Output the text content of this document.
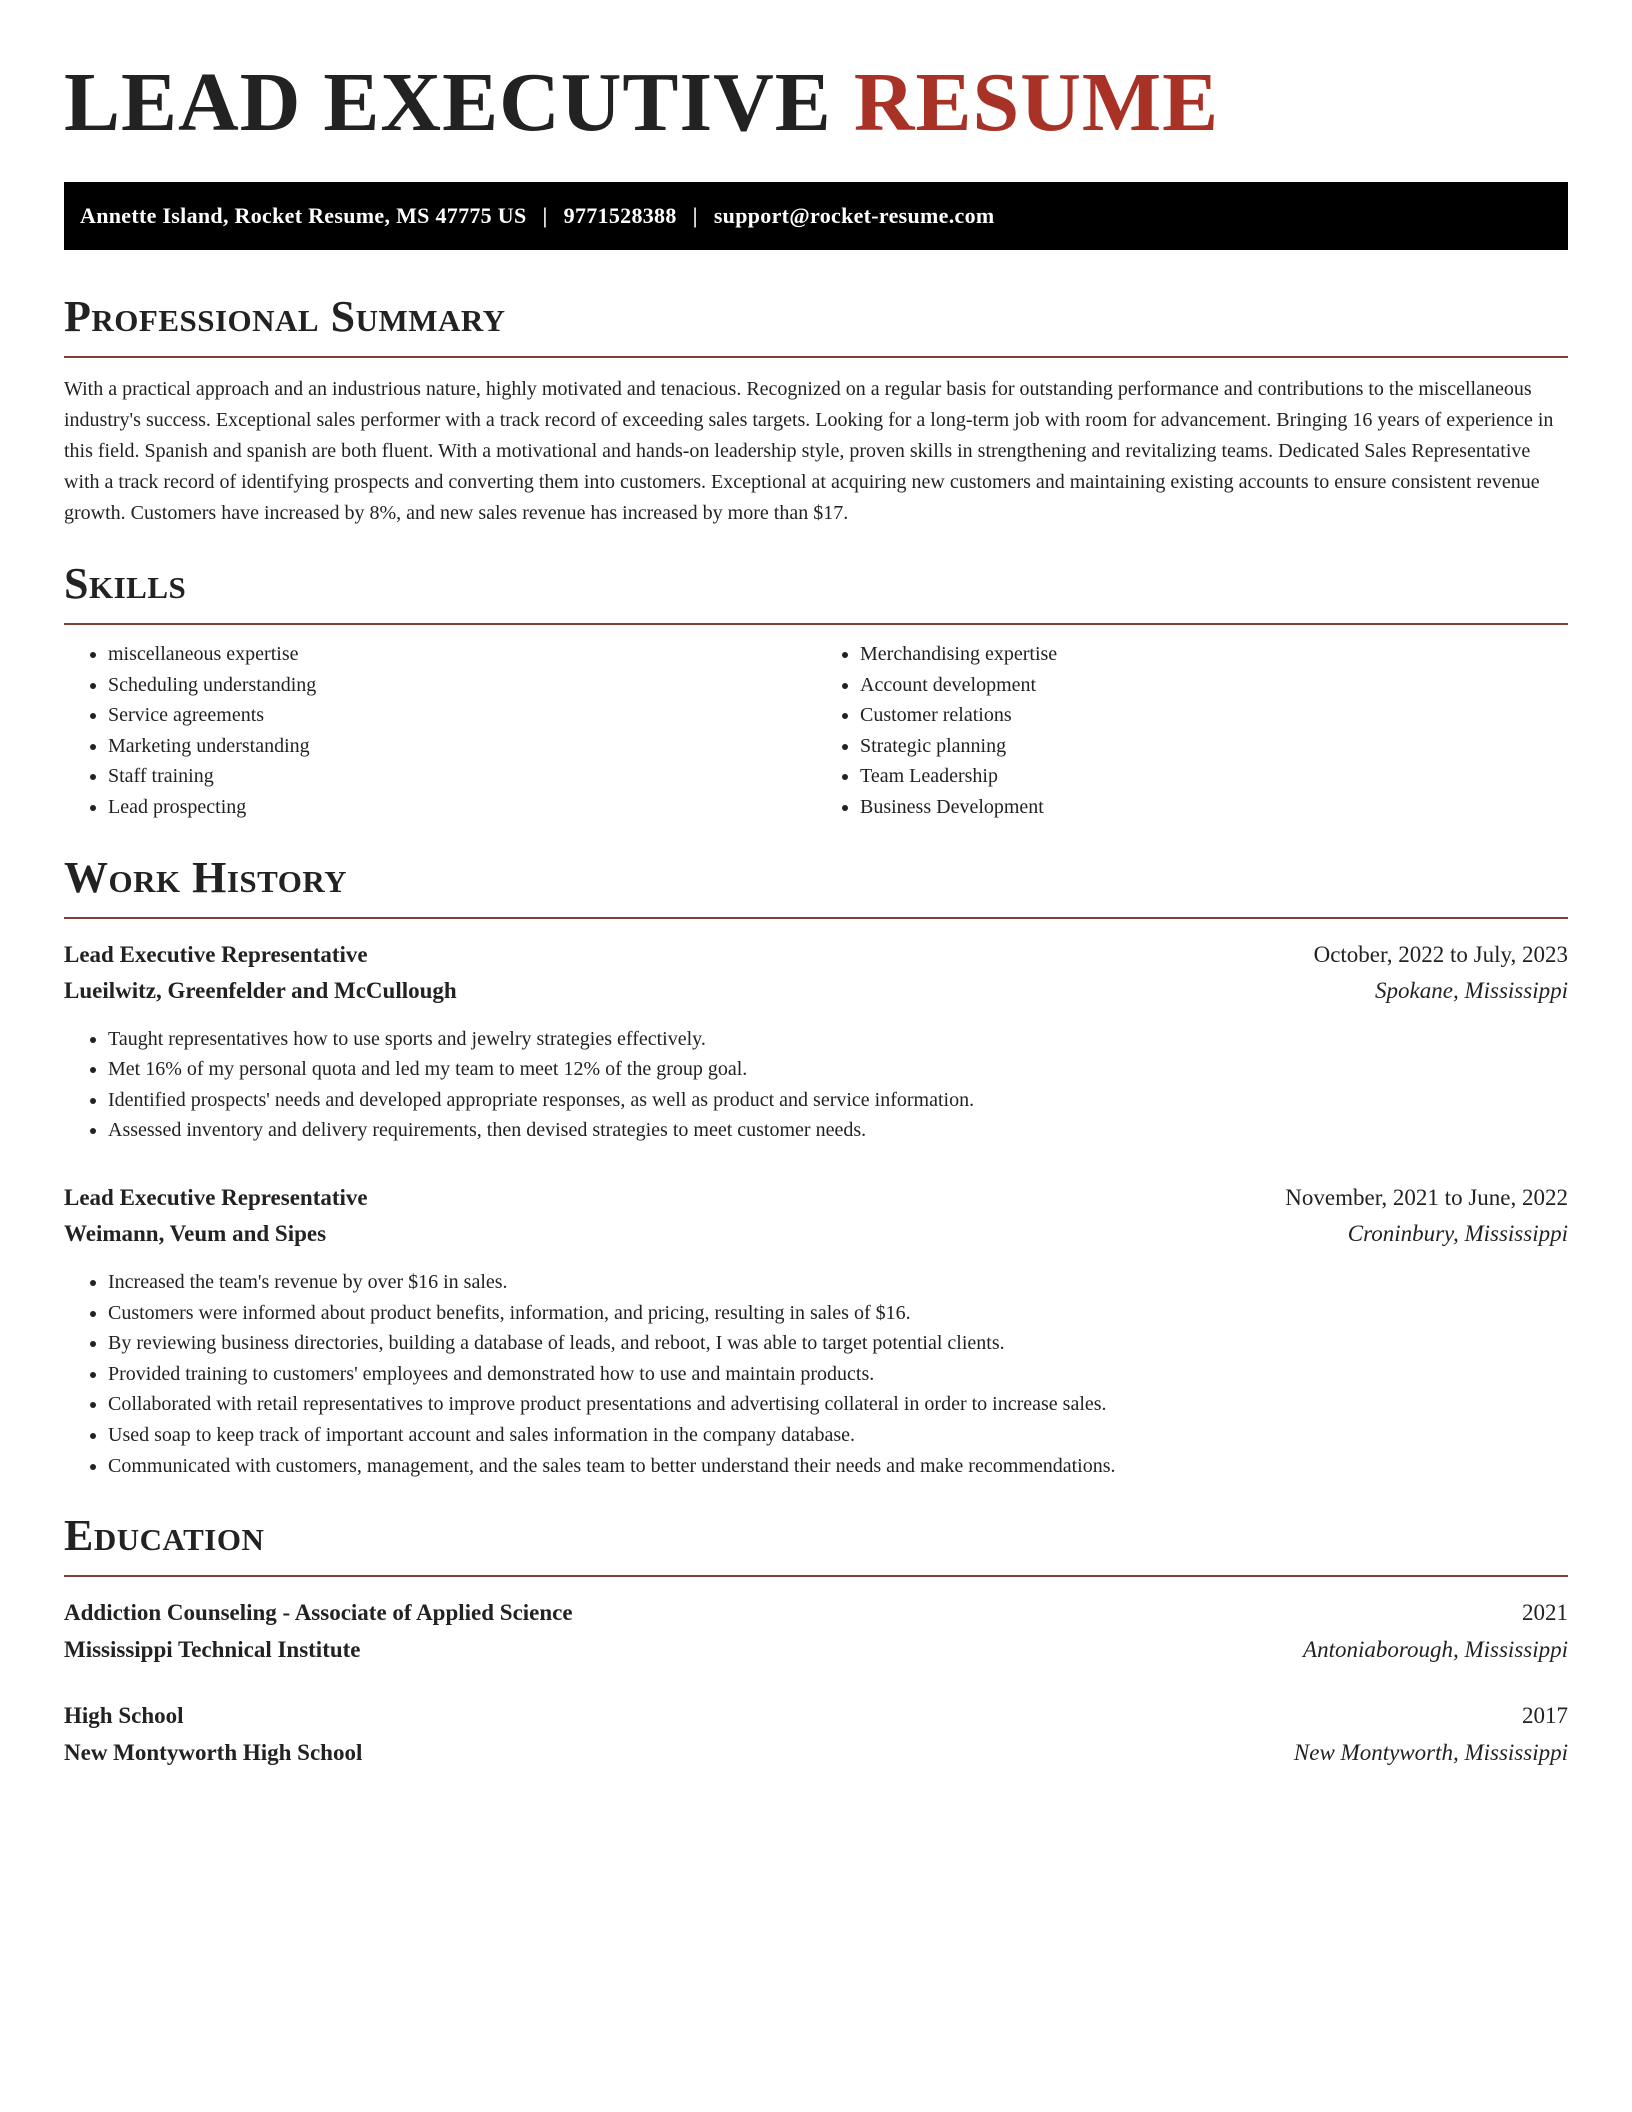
LEAD EXECUTIVE RESUME
Annette Island, Rocket Resume, MS 47775 US | 9771528388 | support@rocket-resume.com
Professional Summary

With a practical approach and an industrious nature, highly motivated and tenacious. Recognized on a regular basis for outstanding performance and contributions to the miscellaneous industry's success. Exceptional sales performer with a track record of exceeding sales targets. Looking for a long-term job with room for advancement. Bringing 16 years of experience in this field. Spanish and spanish are both fluent. With a motivational and hands-on leadership style, proven skills in strengthening and revitalizing teams. Dedicated Sales Representative with a track record of identifying prospects and converting them into customers. Exceptional at acquiring new customers and maintaining existing accounts to ensure consistent revenue growth. Customers have increased by 8%, and new sales revenue has increased by more than $17.

Skills
• miscellaneous expertise
• Scheduling understanding
• Service agreements
• Marketing understanding
• Staff training
• Lead prospecting
• Merchandising expertise
• Account development
• Customer relations
• Strategic planning
• Team Leadership
• Business Development
Work History
Lead Executive Representative	October, 2022 to July, 2023
Lueilwitz, Greenfelder and McCullough	Spokane, Mississippi
• Taught representatives how to use sports and jewelry strategies effectively.
• Met 16% of my personal quota and led my team to meet 12% of the group goal.
• Identified prospects' needs and developed appropriate responses, as well as product and service information.
• Assessed inventory and delivery requirements, then devised strategies to meet customer needs.
Lead Executive Representative	November, 2021 to June, 2022
Weimann, Veum and Sipes	Croninbury, Mississippi
• Increased the team's revenue by over $16 in sales.
• Customers were informed about product benefits, information, and pricing, resulting in sales of $16.
• By reviewing business directories, building a database of leads, and reboot, I was able to target potential clients.
• Provided training to customers' employees and demonstrated how to use and maintain products.
• Collaborated with retail representatives to improve product presentations and advertising collateral in order to increase sales.
• Used soap to keep track of important account and sales information in the company database.
• Communicated with customers, management, and the sales team to better understand their needs and make recommendations.
Education
Addiction Counseling - Associate of Applied Science	2021
Mississippi Technical Institute	Antoniaborough, Mississippi
High School	2017
New Montyworth High School	New Montyworth, Mississippi
